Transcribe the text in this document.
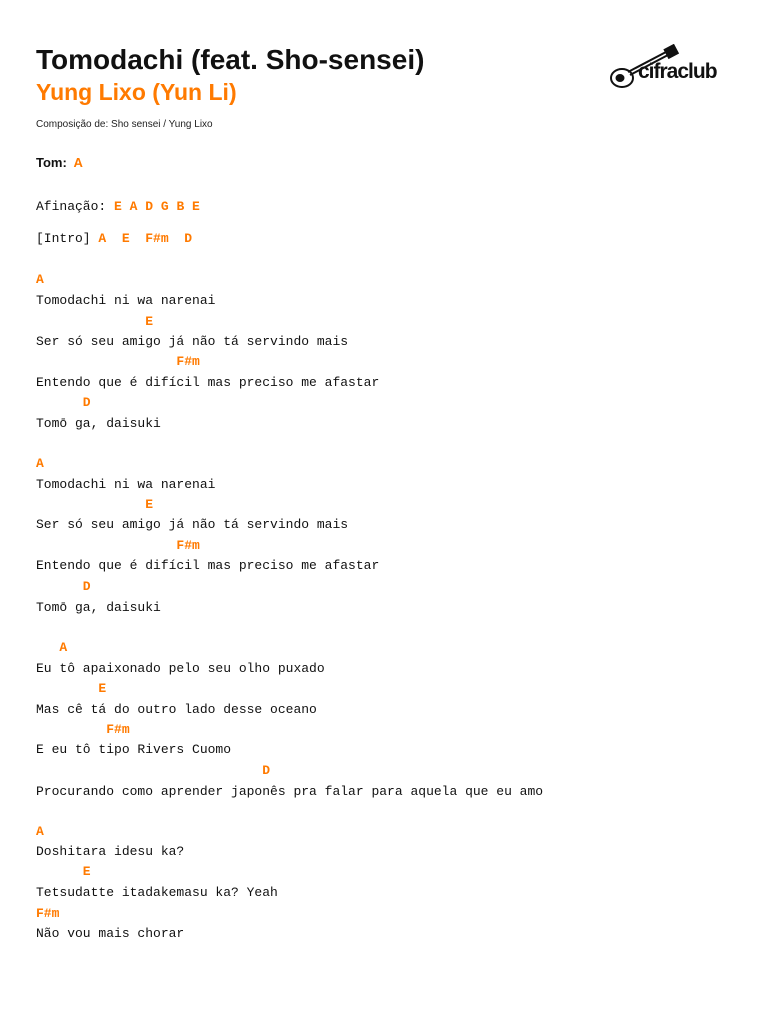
Tomodachi (feat. Sho-sensei)
Yung Lixo (Yun Li)
Composição de: Sho sensei / Yung Lixo
cifraclub
Tom: A
Afinação: E A D G B E
[Intro] A  E  F#m  D
A
Tomodachi ni wa narenai
E
Ser só seu amigo já não tá servindo mais
F#m
Entendo que é difícil mas preciso me afastar
D
Tomō ga, daisuki
A
Tomodachi ni wa narenai
E
Ser só seu amigo já não tá servindo mais
F#m
Entendo que é difícil mas preciso me afastar
D
Tomō ga, daisuki
A
Eu tô apaixonado pelo seu olho puxado
E
Mas cê tá do outro lado desse oceano
F#m
E eu tô tipo Rivers Cuomo
D
Procurando como aprender japonês pra falar para aquela que eu amo
A
Doshitara idesu ka?
E
Tetsudatte itadakemasu ka? Yeah
F#m
Não vou mais chorar
